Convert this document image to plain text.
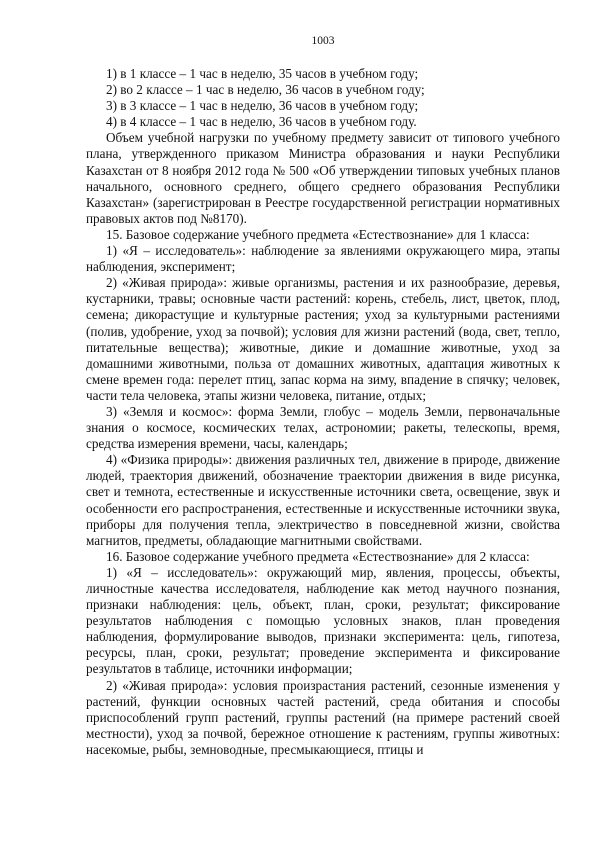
1003

1) в 1 классе – 1 час в неделю, 35 часов в учебном году;

2) во 2 классе – 1 час в неделю, 36 часов в учебном году;

3) в 3 классе – 1 час в неделю, 36 часов в учебном году;

4) в 4 классе – 1 час в неделю, 36 часов в учебном году.

Объем учебной нагрузки по учебному предмету зависит от типового учебного плана, утвержденного приказом Министра образования и науки Республики Казахстан от 8 ноября 2012 года № 500 «Об утверждении типовых учебных планов начального, основного среднего, общего среднего образования Республики Казахстан» (зарегистрирован в Реестре государственной регистрации нормативных правовых актов под №8170).

15. Базовое содержание учебного предмета «Естествознание» для 1 класса:

1) «Я – исследователь»: наблюдение за явлениями окружающего мира, этапы наблюдения, эксперимент;

2) «Живая природа»: живые организмы, растения и их разнообразие, деревья, кустарники, травы; основные части растений: корень, стебель, лист, цветок, плод, семена; дикорастущие и культурные растения; уход за культурными растениями (полив, удобрение, уход за почвой); условия для жизни растений (вода, свет, тепло, питательные вещества); животные, дикие и домашние животные, уход за домашними животными, польза от домашних животных, адаптация животных к смене времен года: перелет птиц, запас корма на зиму, впадение в спячку; человек, части тела человека, этапы жизни человека, питание, отдых;

3) «Земля и космос»: форма Земли, глобус – модель Земли, первоначальные знания о космосе, космических телах, астрономии; ракеты, телескопы, время, средства измерения времени, часы, календарь;

4) «Физика природы»: движения различных тел, движение в природе, движение людей, траектория движений, обозначение траектории движения в виде рисунка, свет и темнота, естественные и искусственные источники света, освещение, звук и особенности его распространения, естественные и искусственные источники звука, приборы для получения тепла, электричество в повседневной жизни, свойства магнитов, предметы, обладающие магнитными свойствами.

16. Базовое содержание учебного предмета «Естествознание» для 2 класса:

1) «Я – исследователь»: окружающий мир, явления, процессы, объекты, личностные качества исследователя, наблюдение как метод научного познания, признаки наблюдения: цель, объект, план, сроки, результат; фиксирование результатов наблюдения с помощью условных знаков, план проведения наблюдения, формулирование выводов, признаки эксперимента: цель, гипотеза, ресурсы, план, сроки, результат; проведение эксперимента и фиксирование результатов в таблице, источники информации;

2) «Живая природа»: условия произрастания растений, сезонные изменения у растений, функции основных частей растений, среда обитания и способы приспособлений групп растений, группы растений (на примере растений своей местности), уход за почвой, бережное отношение к растениям, группы животных: насекомые, рыбы, земноводные, пресмыкающиеся, птицы и
